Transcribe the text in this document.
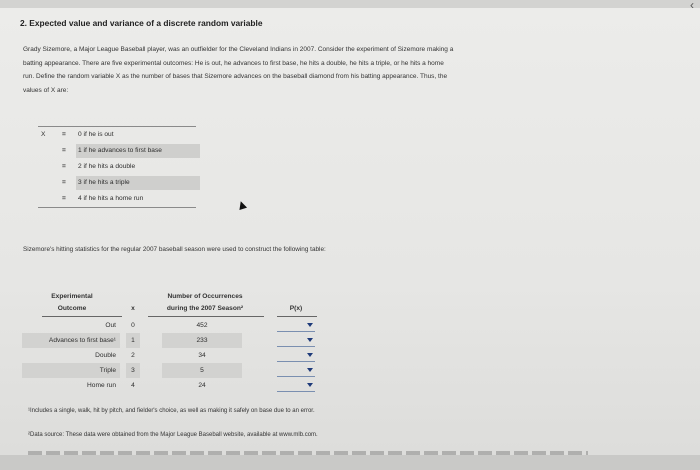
‹
2. Expected value and variance of a discrete random variable
Grady Sizemore, a Major League Baseball player, was an outfielder for the Cleveland Indians in 2007. Consider the experiment of Sizemore making a
batting appearance. There are five experimental outcomes: He is out, he advances to first base, he hits a double, he hits a triple, or he hits a home
run. Define the random variable X as the number of bases that Sizemore advances on the baseball diamond from his batting appearance. Thus, the
values of X are:
X	=	0 if he is out
=	1 if he advances to first base
=	2 if he hits a double
=	3 if he hits a triple
=	4 if he hits a home run
Sizemore's hitting statistics for the regular 2007 baseball season were used to construct the following table:
Experimental
Outcome	x
Number of Occurrences
during the 2007 Season²	P(x)
Out	0	452
Advances to first base¹	1	233
Double	2	34
Triple	3	5
Home run	4	24
¹Includes a single, walk, hit by pitch, and fielder's choice, as well as making it safely on base due to an error.
²Data source: These data were obtained from the Major League Baseball website, available at www.mlb.com.
